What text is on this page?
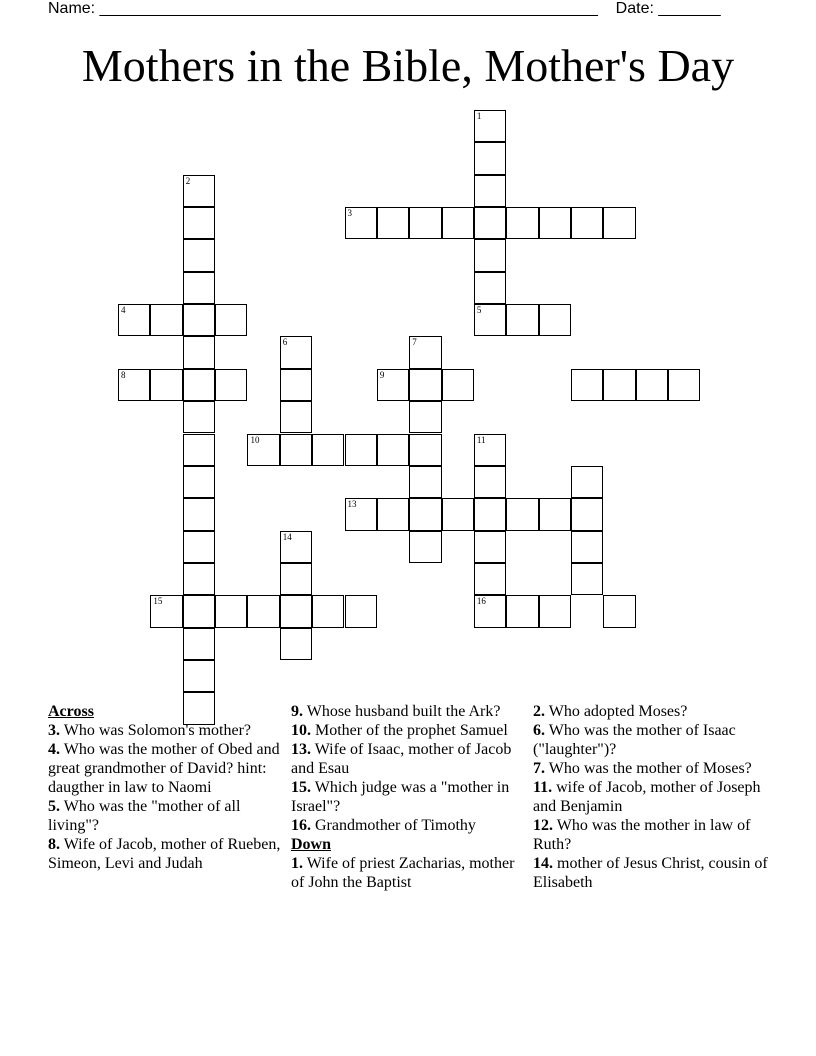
Name: ________________________________________________________ Date: _______
Mothers in the Bible, Mother's Day
1
5
2
3
4
6	7
8	9
10	11
16
13
14
15
Across
3. Who was Solomon's mother?
4. Who was the mother of Obed and great grandmother of David? hint: daugther in law to Naomi
5. Who was the "mother of all living"?
8. Wife of Jacob, mother of Rueben, Simeon, Levi and Judah
9. Whose husband built the Ark?
10. Mother of the prophet Samuel
13. Wife of Isaac, mother of Jacob and Esau
15. Which judge was a "mother in Israel"?
16. Grandmother of Timothy
Down
1. Wife of priest Zacharias, mother of John the Baptist
2. Who adopted Moses?
6. Who was the mother of Isaac ("laughter")?
7. Who was the mother of Moses?
11. wife of Jacob, mother of Joseph and Benjamin
12. Who was the mother in law of Ruth?
14. mother of Jesus Christ, cousin of Elisabeth
